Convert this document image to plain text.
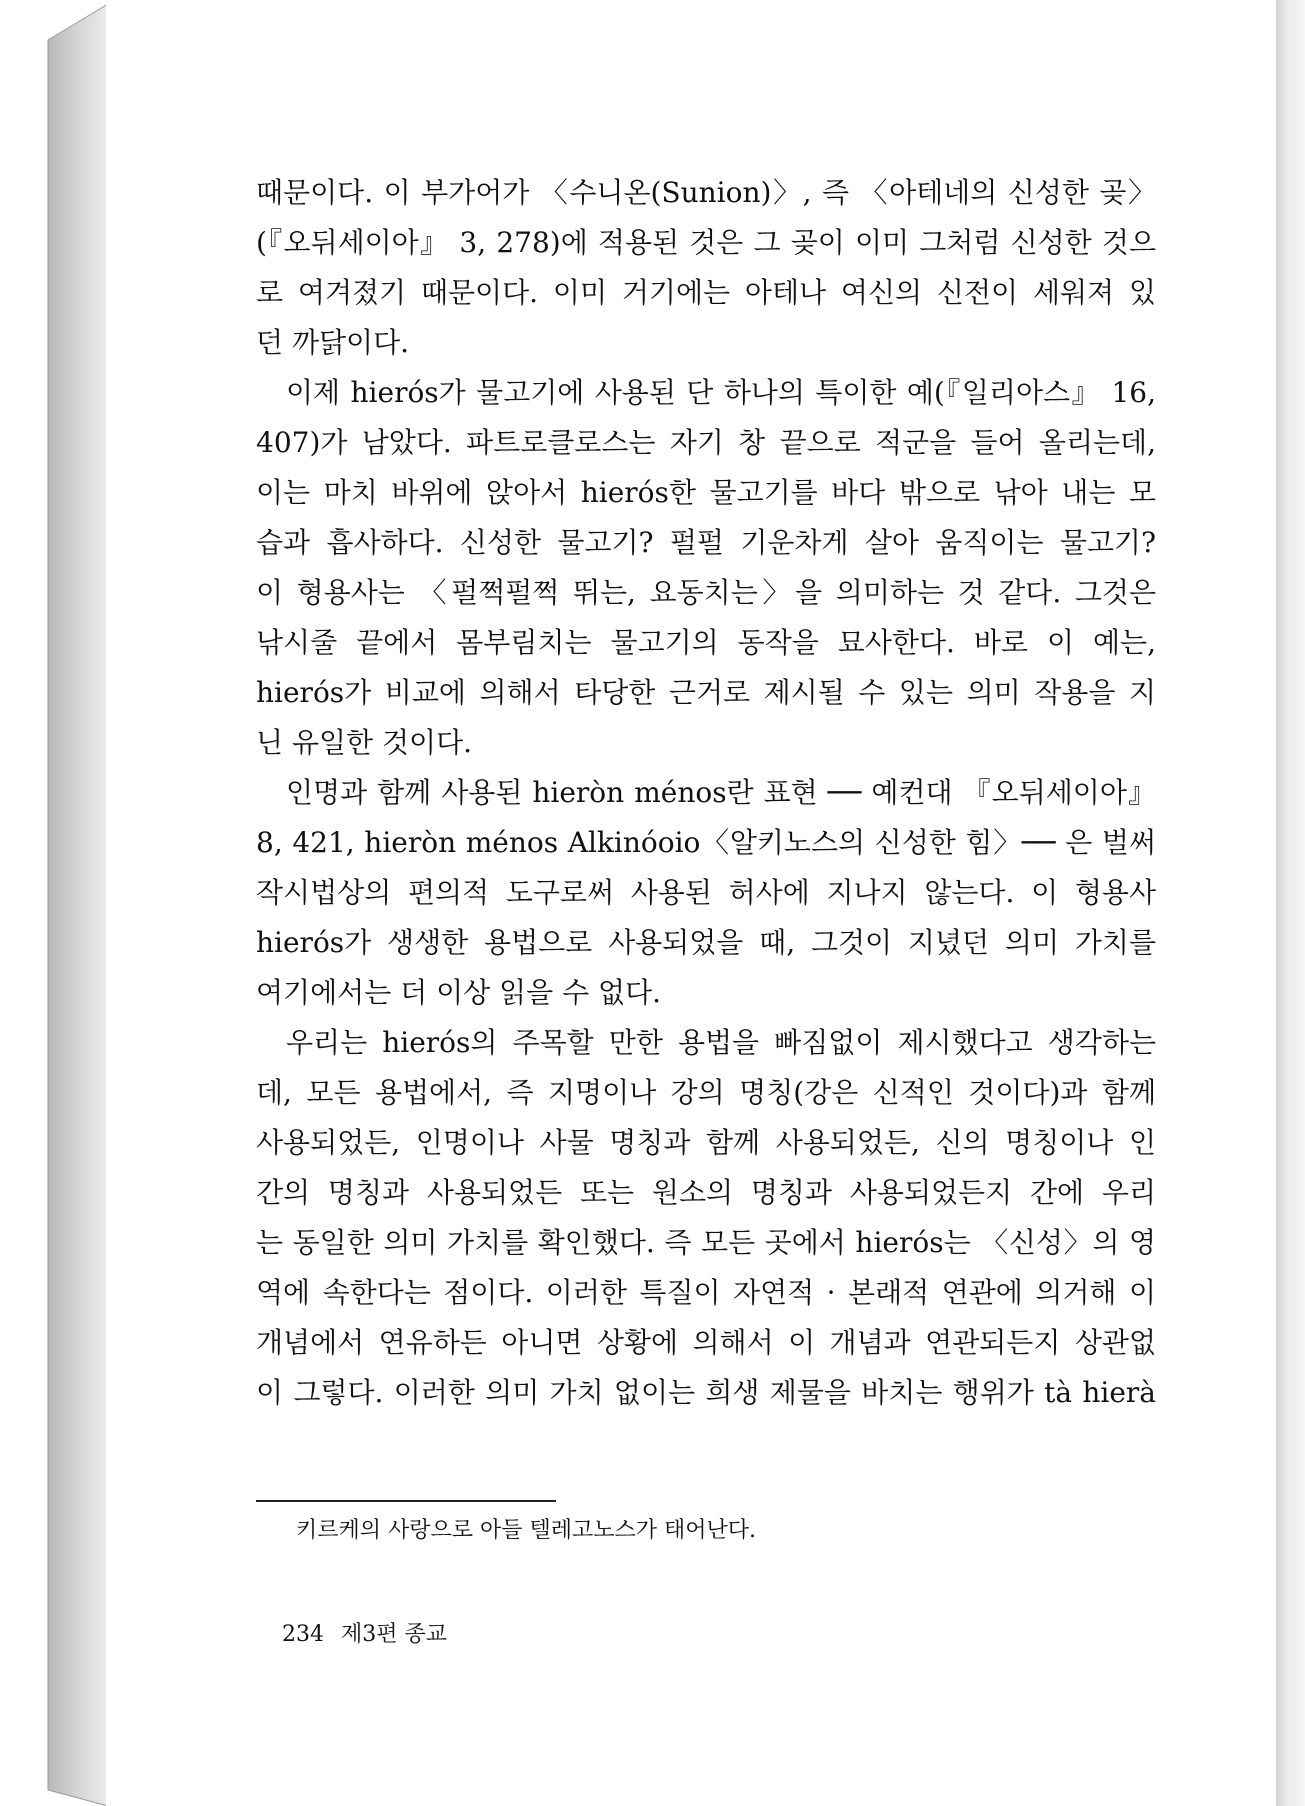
때문이다. 이 부가어가 〈수니온(Sunion)〉, 즉 〈아테네의 신성한 곶〉
(『오뒤세이아』 3, 278)에 적용된 것은 그 곶이 이미 그처럼 신성한 것으
로 여겨졌기 때문이다. 이미 거기에는 아테나 여신의 신전이 세워져 있
던 까닭이다.
이제 hierós가 물고기에 사용된 단 하나의 특이한 예(『일리아스』 16,
407)가 남았다. 파트로클로스는 자기 창 끝으로 적군을 들어 올리는데,
이는 마치 바위에 앉아서 hierós한 물고기를 바다 밖으로 낚아 내는 모
습과 흡사하다. 신성한 물고기? 펄펄 기운차게 살아 움직이는 물고기?
이 형용사는 〈펄쩍펄쩍 뛰는, 요동치는〉을 의미하는 것 같다. 그것은
낚시줄 끝에서 몸부림치는 물고기의 동작을 묘사한다. 바로 이 예는,
hierós가 비교에 의해서 타당한 근거로 제시될 수 있는 의미 작용을 지
닌 유일한 것이다.
인명과 함께 사용된 hieròn ménos란 표현 ── 예컨대 『오뒤세이아』
8, 421, hieròn ménos Alkinóoio〈알키노스의 신성한 힘〉── 은 벌써
작시법상의 편의적 도구로써 사용된 허사에 지나지 않는다. 이 형용사
hierós가 생생한 용법으로 사용되었을 때, 그것이 지녔던 의미 가치를
여기에서는 더 이상 읽을 수 없다.
우리는 hierós의 주목할 만한 용법을 빠짐없이 제시했다고 생각하는
데, 모든 용법에서, 즉 지명이나 강의 명칭(강은 신적인 것이다)과 함께
사용되었든, 인명이나 사물 명칭과 함께 사용되었든, 신의 명칭이나 인
간의 명칭과 사용되었든 또는 원소의 명칭과 사용되었든지 간에 우리
는 동일한 의미 가치를 확인했다. 즉 모든 곳에서 hierós는 〈신성〉의 영
역에 속한다는 점이다. 이러한 특질이 자연적 · 본래적 연관에 의거해 이
개념에서 연유하든 아니면 상황에 의해서 이 개념과 연관되든지 상관없
이 그렇다. 이러한 의미 가치 없이는 희생 제물을 바치는 행위가 tà hierà
키르케의 사랑으로 아들 텔레고노스가 태어난다.
234 제3편 종교
